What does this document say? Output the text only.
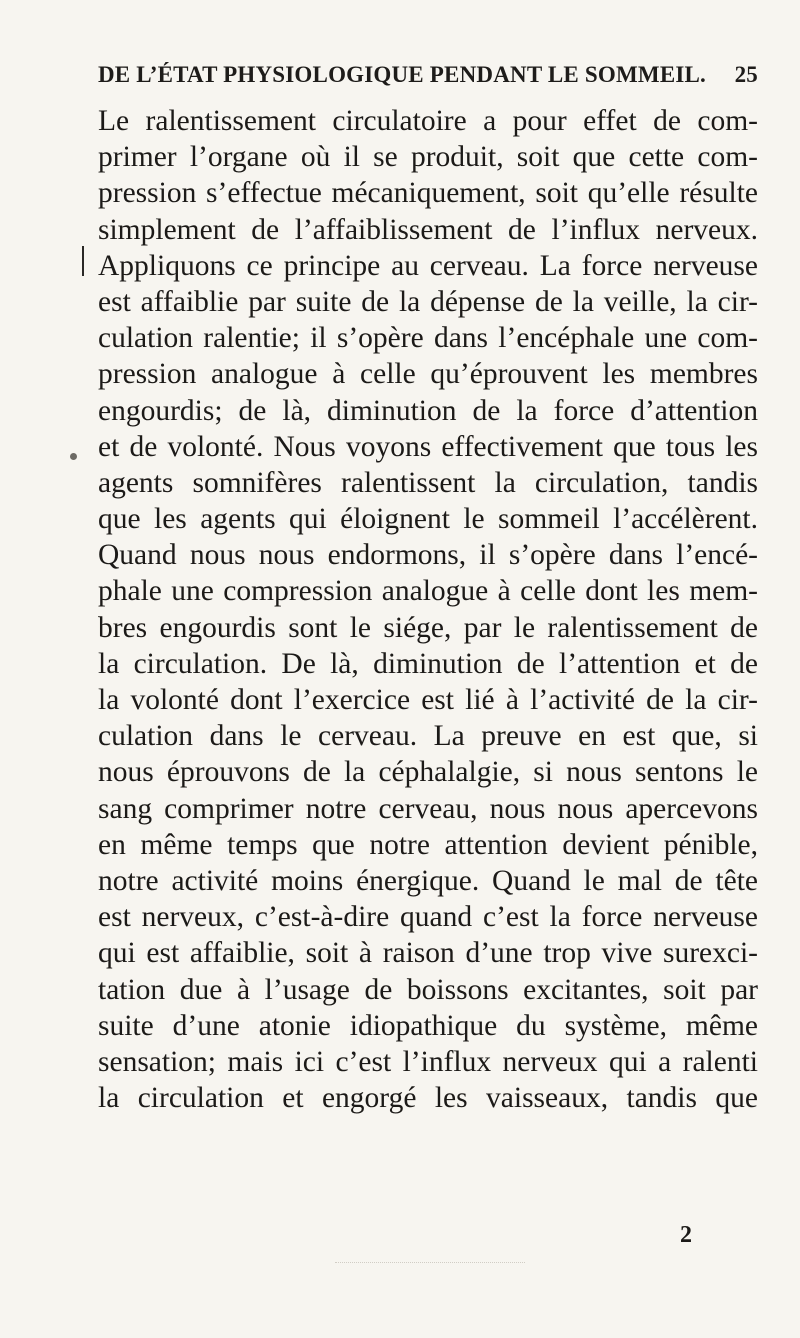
DE L’ÉTAT PHYSIOLOGIQUE PENDANT LE SOMMEIL. 25
Le ralentissement circulatoire a pour effet de com-
primer l’organe où il se produit, soit que cette com-
pression s’effectue mécaniquement, soit qu’elle résulte
simplement de l’affaiblissement de l’influx nerveux.
Appliquons ce principe au cerveau. La force nerveuse
est affaiblie par suite de la dépense de la veille, la cir-
culation ralentie; il s’opère dans l’encéphale une com-
pression analogue à celle qu’éprouvent les membres
engourdis; de là, diminution de la force d’attention
et de volonté. Nous voyons effectivement que tous les
agents somnifères ralentissent la circulation, tandis
que les agents qui éloignent le sommeil l’accélèrent.
Quand nous nous endormons, il s’opère dans l’encé-
phale une compression analogue à celle dont les mem-
bres engourdis sont le siége, par le ralentissement de
la circulation. De là, diminution de l’attention et de
la volonté dont l’exercice est lié à l’activité de la cir-
culation dans le cerveau. La preuve en est que, si
nous éprouvons de la céphalalgie, si nous sentons le
sang comprimer notre cerveau, nous nous apercevons
en même temps que notre attention devient pénible,
notre activité moins énergique. Quand le mal de tête
est nerveux, c’est-à-dire quand c’est la force nerveuse
qui est affaiblie, soit à raison d’une trop vive surexci-
tation due à l’usage de boissons excitantes, soit par
suite d’une atonie idiopathique du système, même
sensation; mais ici c’est l’influx nerveux qui a ralenti
la circulation et engorgé les vaisseaux, tandis que
2
